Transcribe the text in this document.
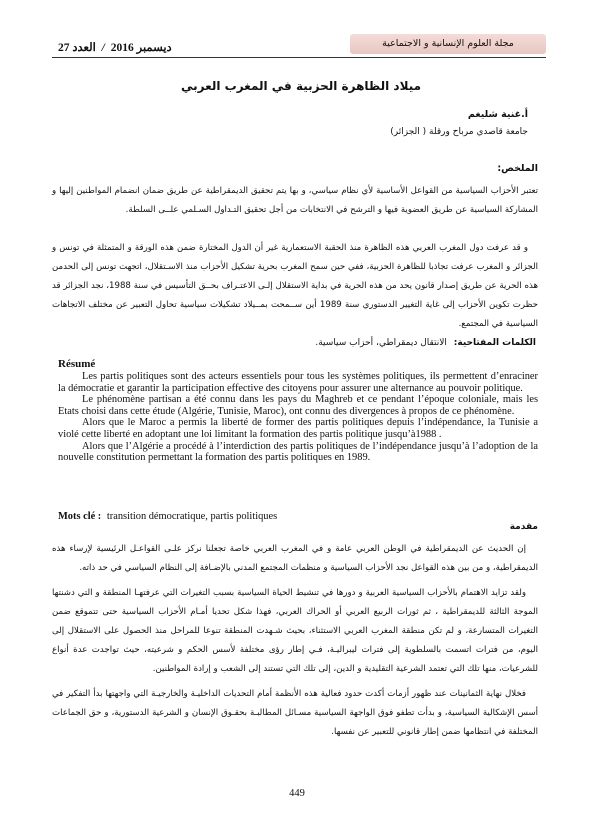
ديسمبر 2016 / العدد 27	مجلة العلوم الإنسانية و الاجتماعية
ميلاد الظاهرة الحزبية في المغرب العربي
أ.غنية شليغم
جامعة قاصدي مرباح ورقلة ( الجزائر)
الملخص:
تعتبر الأحزاب السياسية من القواعل الأساسية لأي نظام سياسي، و بها يتم تحقيق الديمقراطية عن طريق ضمان انضمام المواطنين إليها و المشاركة السياسية عن طريق العضوية فيها و الترشح في الانتخابات من أجل تحقيق التـداول السـلمي علــى السلطة.
و قد عرفت دول المغرب العربي هذه الظاهرة منذ الحقبة الاستعمارية غير أن الدول المختارة ضمن هذه الورقة و المتمثلة في تونس و الجزائر و المغرب عرفت تجاذبا للظاهرة الحزبية، ففي حين سمح المغرب بحرية تشكيل الأحزاب منذ الاسـتقلال، اتجهت تونس إلى الحدمن هذه الحرية عن طريق إصدار قانون يحد من هذه الحرية في بداية الاستقلال إلـى الاعتـراف بحــق التأسيس في سنة 1988، نجد الجزائر قد حظرت تكوين الأحزاب إلى غاية التغيير الدستوري سنة 1989 أين ســمحت بمــيلاد تشكيلات سياسية تحاول التعبير عن مختلف الاتجاهات السياسية في المجتمع.
الكلمات المفتاحية: الانتقال ديمقراطي، أحزاب سياسية.
Résumé

Les partis politiques sont des acteurs essentiels pour tous les systèmes politiques, ils permettent d’enraciner la démocratie et garantir la participation effective des citoyens pour assurer une alternance au pouvoir politique.

Le phénomène partisan a été connu dans les pays du Maghreb et ce pendant l’époque coloniale, mais les Etats choisi dans cette étude (Algérie, Tunisie, Maroc), ont connu des divergences à propos de ce phénomène.

Alors que le Maroc a permis la liberté de former des partis politiques depuis l’indépendance, la Tunisie a violé cette liberté en adoptant une loi limitant la formation des partis politique jusqu’à1988 .

Alors que l’Algérie a procédé à l’interdiction des partis politiques de l’indépendance jusqu’à l’adoption de la nouvelle constitution permettant la formation des partis politiques en 1989.

Mots clé : transition démocratique, partis politiques
مقدمة

إن الحديث عن الديمقراطية في الوطن العربي عامة و في المغرب العربي خاصة تجعلنا نركز علـى القواعـل الرئيسية لإرساء هذه الديمقراطية، و من بين هذه القواعل نجد الأحزاب السياسية و منظمات المجتمع المدني بالإضـافة إلى النظام السياسي في حد ذاته.

ولقد تزايد الاهتمام بالأحزاب السياسية العربية و دورها في تنشيط الحياة السياسية بسبب التغيرات التي عرفتهـا المنطقة و التي دشنتها الموجة الثالثة للديمقراطية ، ثم ثورات الربيع العربي أو الحراك العربي، فهذا شكل تحديا أمـام الأحزاب السياسية حتى تتموقع ضمن التغيرات المتسارعة، و لم تكن منطقة المغرب العربي الاستثناء، بحيث شـهدت المنطقة تنوعا للمراحل منذ الحصول على الاستقلال إلى اليوم، من فترات اتسمت بالسلطوية إلى فترات ليبراليـة، فـي إطار رؤى مختلفة لأسس الحكم و شرعيته، حيث تواجدت عدة أنواع للشرعيات، منها تلك التي تعتمد الشرعية التقليدية و الدين، إلى تلك التي تستند إلى الشعب و إرادة المواطنين.

فخلال نهاية الثمانينات عند ظهور أزمات أكدت حدود فعالية هذه الأنظمة أمام التحديات الداخليـة والخارجيـة التي واجهتها بدأ التفكير في أسس الإشكالية السياسية، و بدأت تطفو فوق الواجهة السياسية مسـائل المطالبـة بحقـوق الإنسان و الشرعية الدستورية، و حق الجماعات المختلفة في انتظامها ضمن إطار قانوني للتعبير عن نفسها.

449
